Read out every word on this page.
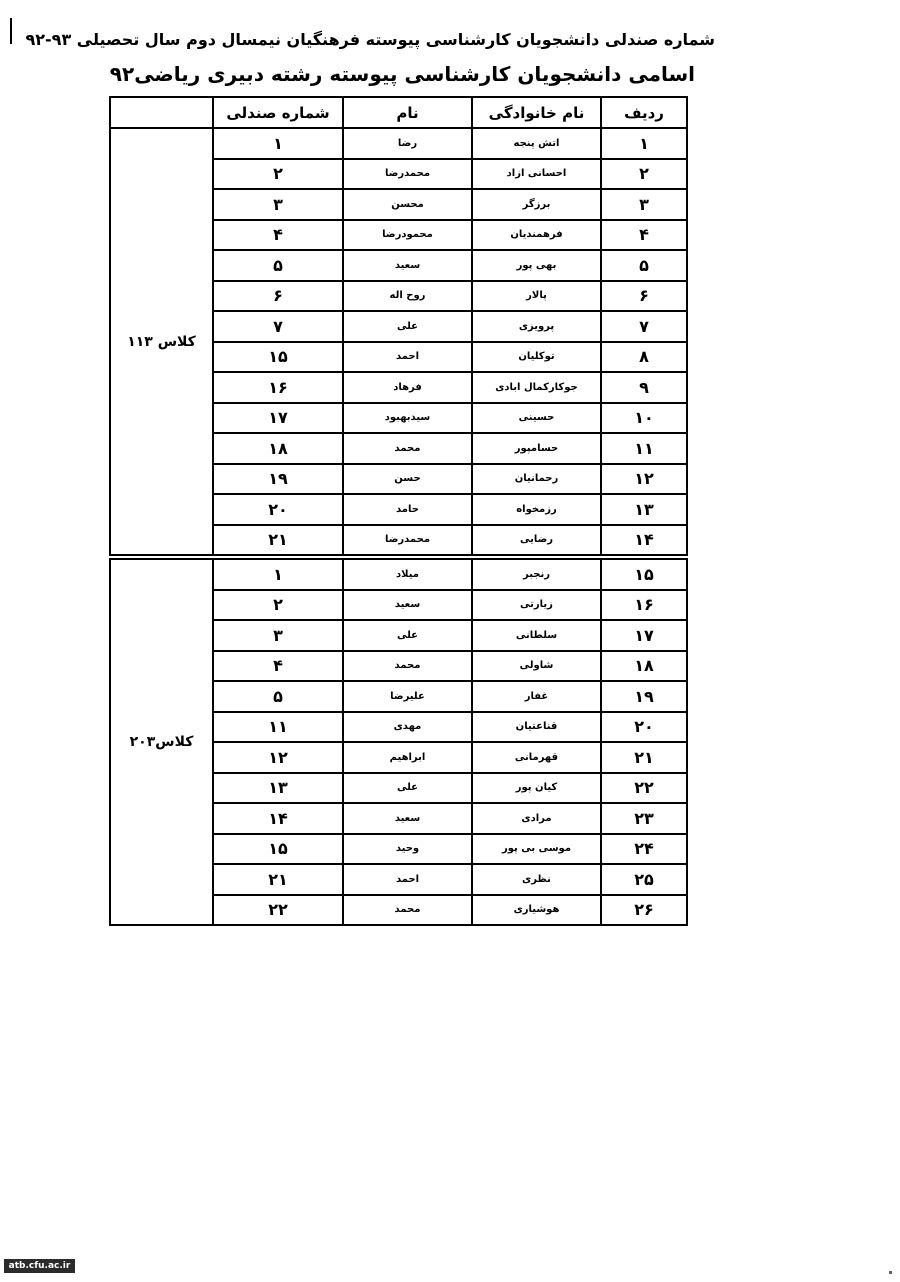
شماره صندلی دانشجویان کارشناسی پیوسته فرهنگیان نیمسال دوم سال تحصیلی ۹۳-۹۲
اسامی دانشجویان کارشناسی پیوسته رشته دبیری ریاضی۹۲
ردیف	نام خانوادگی	نام	شماره صندلی	
۱	اتش پنجه	رضا	۱	کلاس ۱۱۳
۲	احسانی ازاد	محمدرضا	۲	
۳	برزگر	محسن	۳	
۴	فرهمندیان	محمودرضا	۴	
۵	بهی پور	سعید	۵	
۶	پالار	روح اله	۶	
۷	پرویزی	علی	۷	
۸	توکلیان	احمد	۱۵	
۹	جوکارکمال ابادی	فرهاد	۱۶	
۱۰	حسینی	سیدبهبود	۱۷	
۱۱	حسامپور	محمد	۱۸	
۱۲	رحمانیان	حسن	۱۹	
۱۳	رزمخواه	حامد	۲۰	
۱۴	رضایی	محمدرضا	۲۱	
۱۵	رنجبر	میلاد	۱	کلاس۲۰۳
۱۶	زیارتی	سعید	۲	
۱۷	سلطانی	علی	۳	
۱۸	شاولی	محمد	۴	
۱۹	غفار	علیرضا	۵	
۲۰	قناعتیان	مهدی	۱۱	
۲۱	قهرمانی	ابراهیم	۱۲	
۲۲	کیان پور	علی	۱۳	
۲۳	مرادی	سعید	۱۴	
۲۴	موسی بی پور	وحید	۱۵	
۲۵	نظری	احمد	۲۱	
۲۶	هوشیاری	محمد	۲۲	
atb.cfu.ac.ir
